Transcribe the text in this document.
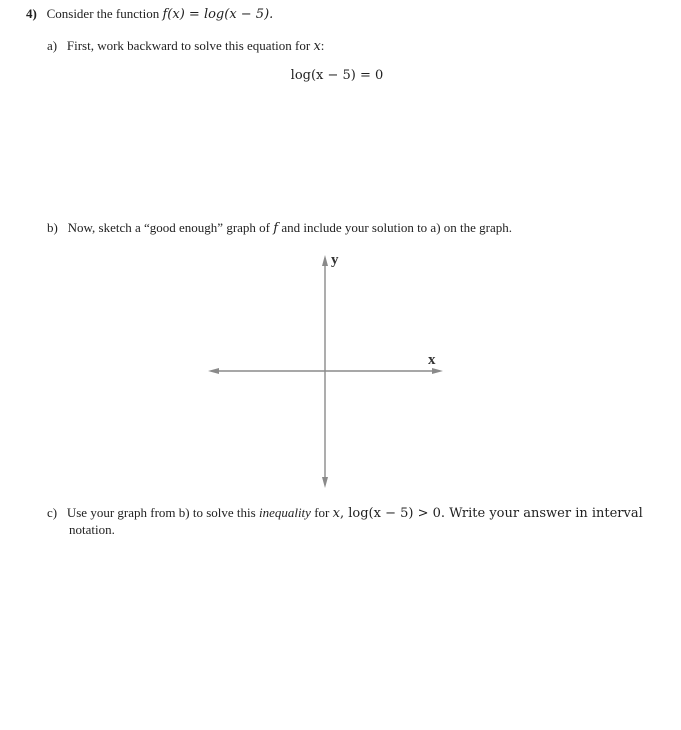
4) Consider the function f(x) = log(x − 5).
a) First, work backward to solve this equation for x:
log(x − 5) = 0
b) Now, sketch a “good enough” graph of f and include your solution to a) on the graph.
y
x
c) Use your graph from b) to solve this inequality for x, log(x − 5) > 0. Write your answer in interval
notation.
